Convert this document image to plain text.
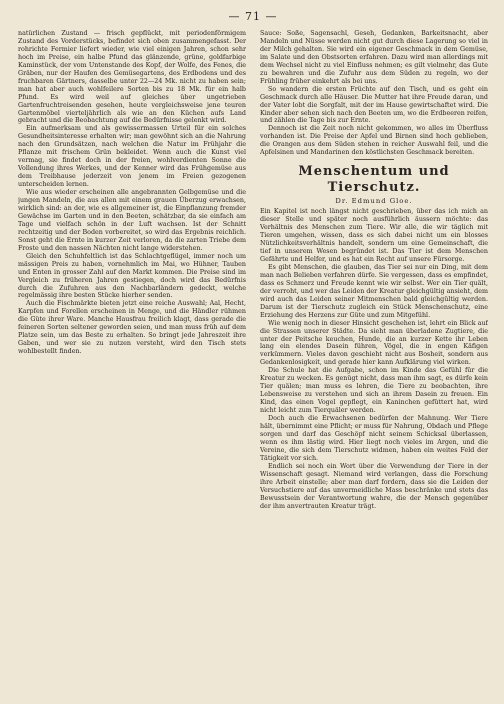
— 71 —

natürlichen Zustand — frisch gepflückt, mit periodenförmigem Zustand des Vorderstücks, befindet sich oben zusammengefasst. Der rohrichte Fermier liefert wieder, wie viel einigen Jahren, schon sehr hoch im Preise, ein halbe Pfund das glänzende, grüne, goldfarbige Kaminstück, der vom Untenstande des Kopf, der Wolfe, des Fenes, die Gräben, nur der Haufen des Gemüsegartens, des Erdbodens und des fruchbaren Gärtners, dasselbe unter 22—24 Mk. nicht zu haben sein; man hat aber auch wohlfeilere Sorten bis zu 18 Mk. für ein halb Pfund. Es wird weil auf gleiches über ungetrieben Gartenfruchtreisenden gesehen, heute vergleichsweise jene teuren Gartenmöbel vierteljährlich als wie an den Küchen aufs Land gebracht und die Beobachtung auf die Bedürfnisse gelenkt wird.

Ein aufmerksam und als gewissermassen Urteil für ein solches Gesundheitsinteresse erhalten wir; man gewöhnt sich an die Nahrung nach den Grundsätzen, nach welchen die Natur im Frühjahr die Pflanze mit frischem Grün bekleidet. Wenn auch die Kunst viel vermag, sie findet doch in der freien, wohlverdienten Sonne die Vollendung ihres Werkes, und der Kenner wird das Frühgemüse aus dem Treibhause jederzeit von jenem im Freien gezogenen unterscheiden lernen.

Wie aus wieder erscheinen alle angebrannten Gelbgemüse und die jungen Mandeln, die aus allen mit einem grauen Überzug erwachsen, wirklich sind: an der, wie es allgemeiner ist, die Einpflanzung fremder Gewächse im Garten und in den Beeten, schätzbar, da sie einfach am Tage und vielfach schön in der Luft wachsen. Ist der Schnitt rechtzeitig und der Boden vorbereitet, so wird das Ergebnis reichlich. Sonst geht die Ernte in kurzer Zeit verloren, da die zarten Triebe dem Froste und den nassen Nächten nicht lange widerstehen.

Gleich den Schuhfeltlich ist das Schlachtgeflügel, immer noch um mässigen Preis zu haben, vornehmlich im Mai, wo Hühner, Tauben und Enten in grosser Zahl auf den Markt kommen. Die Preise sind im Vergleich zu früheren Jahren gestiegen, doch wird das Bedürfnis durch die Zufuhren aus den Nachbarländern gedeckt, welche regelmässig ihre besten Stücke hierher senden.

Auch die Fischmärkte bieten jetzt eine reiche Auswahl; Aal, Hecht, Karpfen und Forellen erscheinen in Menge, und die Händler rühmen die Güte ihrer Ware. Manche Hausfrau freilich klagt, dass gerade die feineren Sorten seltener geworden seien, und man muss früh auf dem Platze sein, um das Beste zu erhalten. So bringt jede Jahreszeit ihre Gaben, und wer sie zu nutzen versteht, wird den Tisch stets wohlbestellt finden.

Sauce: Soße, Sagensachl, Geseh, Gedanken, Barkeitsnacht, aber Mandeln und Nüsse werden nicht gut durch diese Lagerung so viel in der Milch gehalten. Sie wird ein eigener Geschmack in dem Gemüse, im Salate und den Obstsorten erfahren. Dazu wird man allerdings mit dem Wechsel nicht zu viel Einfluss nehmen; es gilt vielmehr, das Gute zu bewahren und die Zufuhr aus dem Süden zu regeln, wo der Frühling früher einkehrt als bei uns.

So wandern die ersten Früchte auf den Tisch, und es geht ein Geschmack durch alle Häuser. Die Mutter hat ihre Freude daran, und der Vater lobt die Sorgfalt, mit der im Hause gewirtschaftet wird. Die Kinder aber sehen sich nach den Beeten um, wo die Erdbeeren reifen, und zählen die Tage bis zur Ernte.

Dennoch ist die Zeit noch nicht gekommen, wo alles im Überfluss vorhanden ist. Die Preise der Apfel und Birnen sind hoch geblieben, die Orangen aus dem Süden stehen in reicher Auswahl feil, und die Apfelsinen und Mandarinen den köstlichsten Geschmack bereiten.

Menschentum und Tierschutz.
Dr. Edmund Gloe.

Ein Kapitel ist noch längst nicht geschrieben, über das ich mich an dieser Stelle und später noch ausführlich äussern möchte: das Verhältnis des Menschen zum Tiere. Wir alle, die wir täglich mit Tieren umgehen, wissen, dass es sich dabei nicht um ein blosses Nützlichkeitsverhältnis handelt, sondern um eine Gemeinschaft, die tief in unserem Wesen begründet ist. Das Tier ist dem Menschen Gefährte und Helfer, und es hat ein Recht auf unsere Fürsorge.

Es gibt Menschen, die glauben, das Tier sei nur ein Ding, mit dem man nach Belieben verfahren dürfe. Sie vergessen, dass es empfindet, dass es Schmerz und Freude kennt wie wir selbst. Wer ein Tier quält, der verroht, und wer das Leiden der Kreatur gleichgültig ansieht, dem wird auch das Leiden seiner Mitmenschen bald gleichgültig werden. Darum ist der Tierschutz zugleich ein Stück Menschenschutz, eine Erziehung des Herzens zur Güte und zum Mitgefühl.

Wie wenig noch in dieser Hinsicht geschehen ist, lehrt ein Blick auf die Strassen unserer Städte. Da sieht man überladene Zugtiere, die unter der Peitsche keuchen, Hunde, die an kurzer Kette ihr Leben lang ein elendes Dasein führen, Vögel, die in engen Käfigen verkümmern. Vieles davon geschieht nicht aus Bosheit, sondern aus Gedankenlosigkeit, und gerade hier kann Aufklärung viel wirken.

Die Schule hat die Aufgabe, schon im Kinde das Gefühl für die Kreatur zu wecken. Es genügt nicht, dass man ihm sagt, es dürfe kein Tier quälen; man muss es lehren, die Tiere zu beobachten, ihre Lebensweise zu verstehen und sich an ihrem Dasein zu freuen. Ein Kind, das einen Vogel gepflegt, ein Kaninchen gefüttert hat, wird nicht leicht zum Tierquäler werden.

Doch auch die Erwachsenen bedürfen der Mahnung. Wer Tiere hält, übernimmt eine Pflicht; er muss für Nahrung, Obdach und Pflege sorgen und darf das Geschöpf nicht seinem Schicksal überlassen, wenn es ihm lästig wird. Hier liegt noch vieles im Argen, und die Vereine, die sich dem Tierschutz widmen, haben ein weites Feld der Tätigkeit vor sich.

Endlich sei noch ein Wort über die Verwendung der Tiere in der Wissenschaft gesagt. Niemand wird verlangen, dass die Forschung ihre Arbeit einstelle; aber man darf fordern, dass sie die Leiden der Versuchstiere auf das unvermeidliche Mass beschränke und stets das Bewusstsein der Verantwortung wahre, die der Mensch gegenüber der ihm anvertrauten Kreatur trägt.
